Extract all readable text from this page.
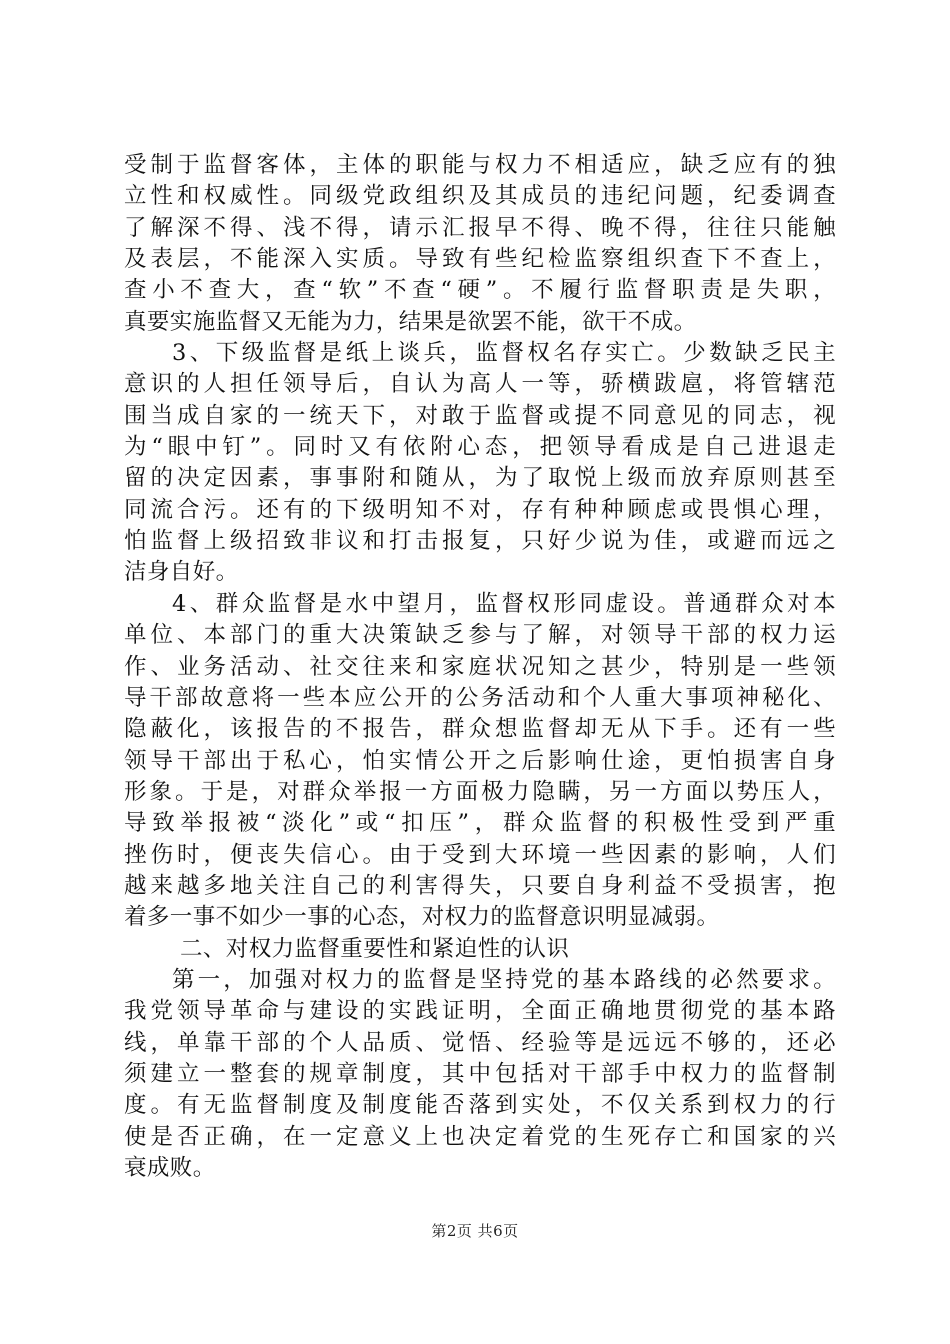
受制于监督客体，主体的职能与权力不相适应，缺乏应有的独
立性和权威性。同级党政组织及其成员的违纪问题，纪委调查
了解深不得、浅不得，请示汇报早不得、晚不得，往往只能触
及表层，不能深入实质。导致有些纪检监察组织查下不查上，
查小不查大，查“软”不查“硬”。不履行监督职责是失职，
真要实施监督又无能为力，结果是欲罢不能，欲干不成。
3、下级监督是纸上谈兵，监督权名存实亡。少数缺乏民主
意识的人担任领导后，自认为高人一等，骄横跋扈，将管辖范
围当成自家的一统天下，对敢于监督或提不同意见的同志，视
为“眼中钉”。同时又有依附心态，把领导看成是自己进退走
留的决定因素，事事附和随从，为了取悦上级而放弃原则甚至
同流合污。还有的下级明知不对，存有种种顾虑或畏惧心理，
怕监督上级招致非议和打击报复，只好少说为佳，或避而远之
洁身自好。
4、群众监督是水中望月，监督权形同虚设。普通群众对本
单位、本部门的重大决策缺乏参与了解，对领导干部的权力运
作、业务活动、社交往来和家庭状况知之甚少，特别是一些领
导干部故意将一些本应公开的公务活动和个人重大事项神秘化、
隐蔽化，该报告的不报告，群众想监督却无从下手。还有一些
领导干部出于私心，怕实情公开之后影响仕途，更怕损害自身
形象。于是，对群众举报一方面极力隐瞒，另一方面以势压人，
导致举报被“淡化”或“扣压”，群众监督的积极性受到严重
挫伤时，便丧失信心。由于受到大环境一些因素的影响，人们
越来越多地关注自己的利害得失，只要自身利益不受损害，抱
着多一事不如少一事的心态，对权力的监督意识明显减弱。
二、对权力监督重要性和紧迫性的认识
第一，加强对权力的监督是坚持党的基本路线的必然要求。
我党领导革命与建设的实践证明，全面正确地贯彻党的基本路
线，单靠干部的个人品质、觉悟、经验等是远远不够的，还必
须建立一整套的规章制度，其中包括对干部手中权力的监督制
度。有无监督制度及制度能否落到实处，不仅关系到权力的行
使是否正确，在一定意义上也决定着党的生死存亡和国家的兴
衰成败。
第2页 共6页
